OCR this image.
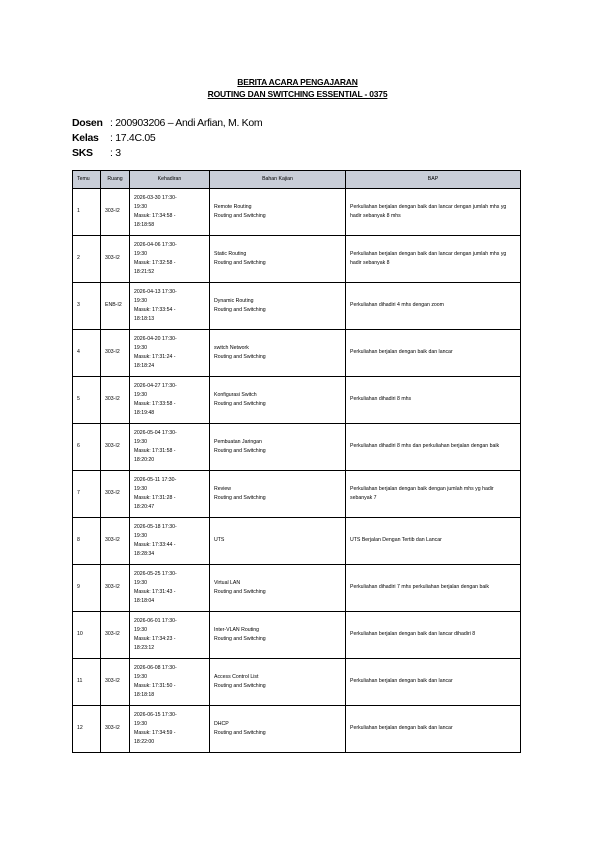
BERITA ACARA PENGAJARAN
ROUTING DAN SWITCHING ESSENTIAL - 0375
Dosen : 200903206 – Andi Arfian, M. Kom
Kelas : 17.4C.05
SKS : 3
Temu	Ruang	Kehadiran	Bahan Kajian	BAP
1	303-I2	2026-03-30 17:30-
19:30
Masuk: 17:34:58 -
18:18:58	Remote Routing
Routing and Switching	Perkuliahan berjalan dengan baik dan lancar dengan jumlah mhs yg hadir sebanyak 8 mhs
2	303-I2	2026-04-06 17:30-
19:30
Masuk: 17:32:58 -
18:21:52	Static Routing
Routing and Switching	Perkuliahan berjalan dengan baik dan lancar dengan jumlah mhs yg hadir sebanyak 8
3	ENB-I2	2026-04-13 17:30-
19:30
Masuk: 17:33:54 -
18:18:13	Dynamic Routing
Routing and Switching	Perkuliahan dihadiri 4 mhs dengan zoom
4	303-I2	2026-04-20 17:30-
19:30
Masuk: 17:31:24 -
18:18:24	switch Network
Routing and Switching	Perkuliahan berjalan dengan baik dan lancar
5	303-I2	2026-04-27 17:30-
19:30
Masuk: 17:33:58 -
18:19:48	Konfigurasi Switch
Routing and Switching	Perkuliahan dihadiri 8 mhs
6	303-I2	2026-05-04 17:30-
19:30
Masuk: 17:31:58 -
18:20:20	Pembuatan Jaringan
Routing and Switching	Perkuliahan dihadiri 8 mhs dan perkuliahan berjalan dengan baik
7	303-I2	2026-05-11 17:30-
19:30
Masuk: 17:31:28 -
18:20:47	Review
Routing and Switching	Perkuliahan berjalan dengan baik dengan jumlah mhs yg hadir sebanyak 7
8	303-I2	2026-05-18 17:30-
19:30
Masuk: 17:33:44 -
18:28:34	UTS	UTS Berjalan Dengan Tertib dan Lancar
9	303-I2	2026-05-25 17:30-
19:30
Masuk: 17:31:43 -
18:18:04	Virtual LAN
Routing and Switching	Perkuliahan dihadiri 7 mhs perkuliahan berjalan dengan baik
10	303-I2	2026-06-01 17:30-
19:30
Masuk: 17:34:23 -
18:23:12	Inter-VLAN Routing
Routing and Switching	Perkuliahan berjalan dengan baik dan lancar dihadiri 8
11	303-I2	2026-06-08 17:30-
19:30
Masuk: 17:31:50 -
18:18:18	Access Control List
Routing and Switching	Perkuliahan berjalan dengan baik dan lancar
12	303-I2	2026-06-15 17:30-
19:30
Masuk: 17:34:59 -
18:22:00	DHCP
Routing and Switching	Perkuliahan berjalan dengan baik dan lancar
